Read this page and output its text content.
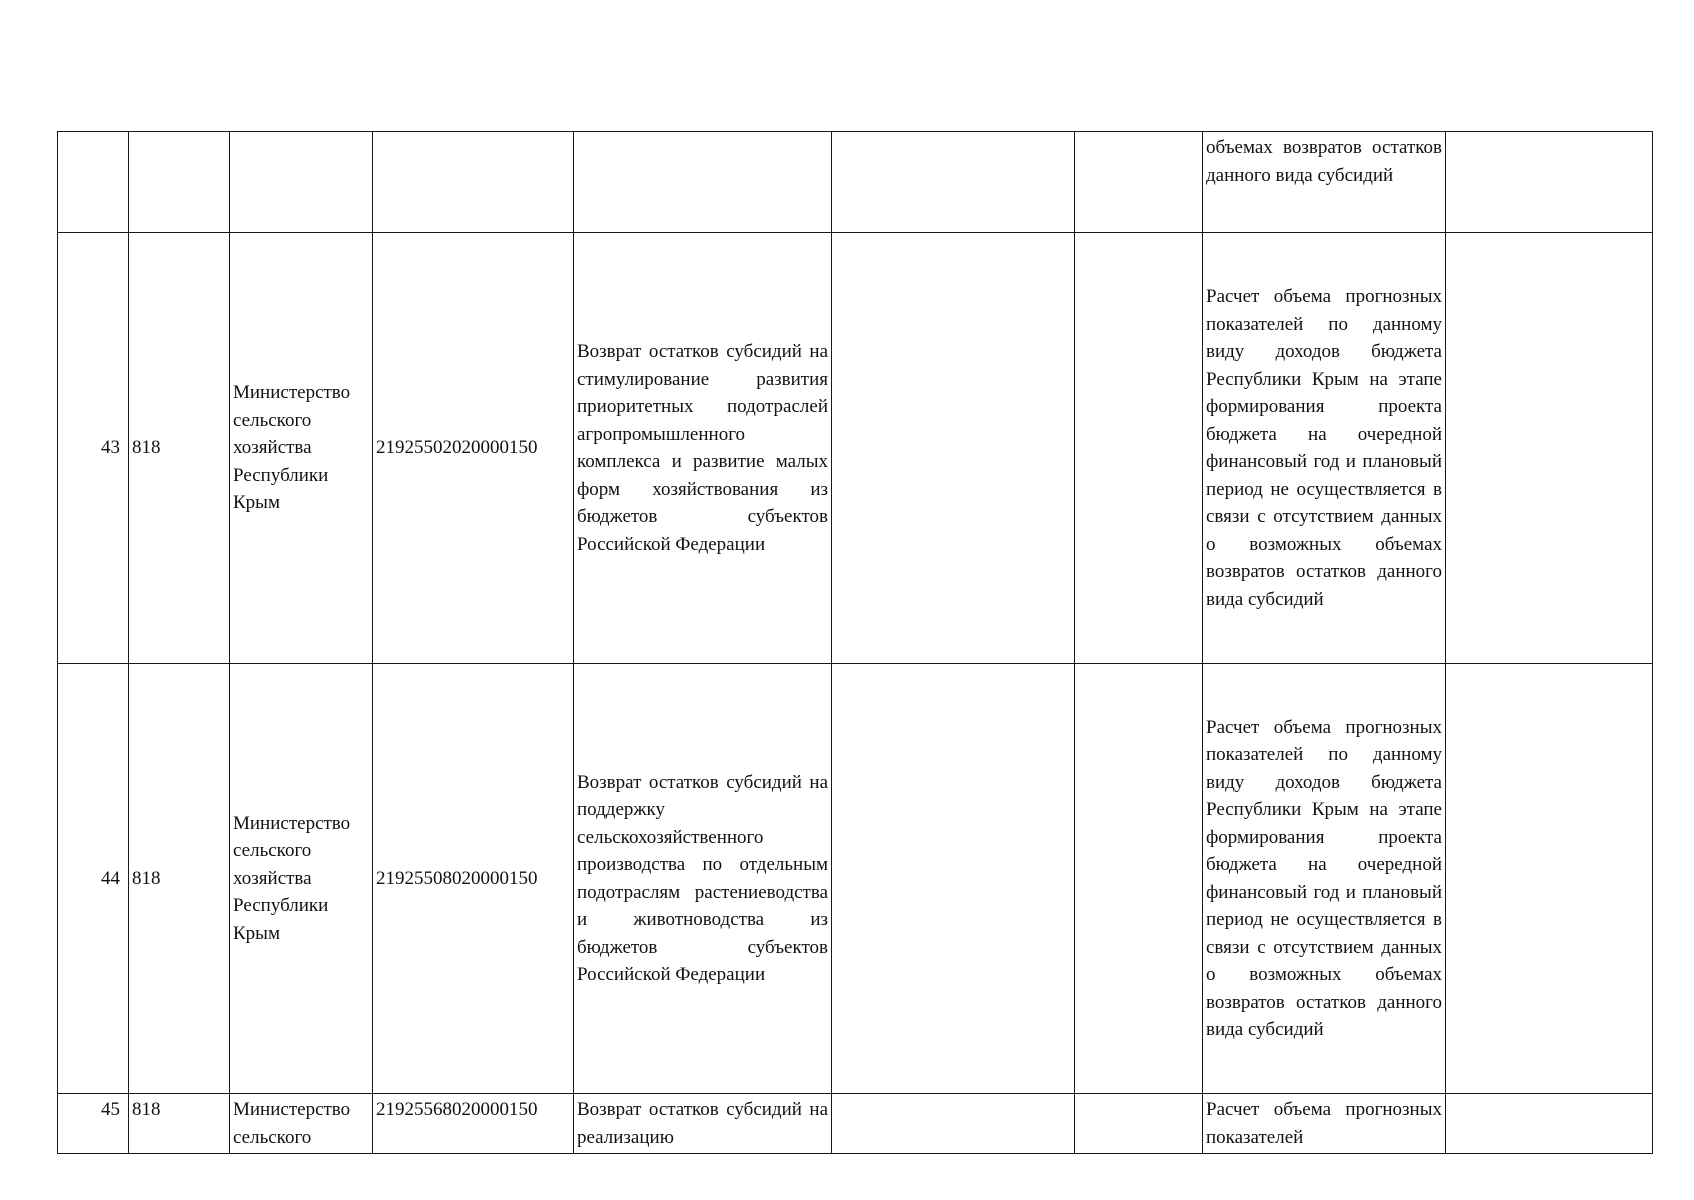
							объемах возвратов остатков данного вида субсидий	
43	818	Министерство сельского хозяйства Республики Крым	21925502020000150	Возврат остатков субсидий на стимулирование развития приоритетных подотраслей агропромышленного комплекса и развитие малых форм хозяйствования из бюджетов субъектов Российской Федерации			Расчет объема прогнозных показателей по данному виду доходов бюджета Республики Крым на этапе формирования проекта бюджета на очередной финансовый год и плановый период не осуществляется в связи с отсутствием данных о возможных объемах возвратов остатков данного вида субсидий	
44	818	Министерство сельского хозяйства Республики Крым	21925508020000150	Возврат остатков субсидий на поддержку сельскохозяйственного производства по отдельным подотраслям растениеводства и животноводства из бюджетов субъектов Российской Федерации			Расчет объема прогнозных показателей по данному виду доходов бюджета Республики Крым на этапе формирования проекта бюджета на очередной финансовый год и плановый период не осуществляется в связи с отсутствием данных о возможных объемах возвратов остатков данного вида субсидий	
45	818	Министерство сельского	21925568020000150	Возврат остатков субсидий на реализацию			Расчет объема прогнозных показателей	
